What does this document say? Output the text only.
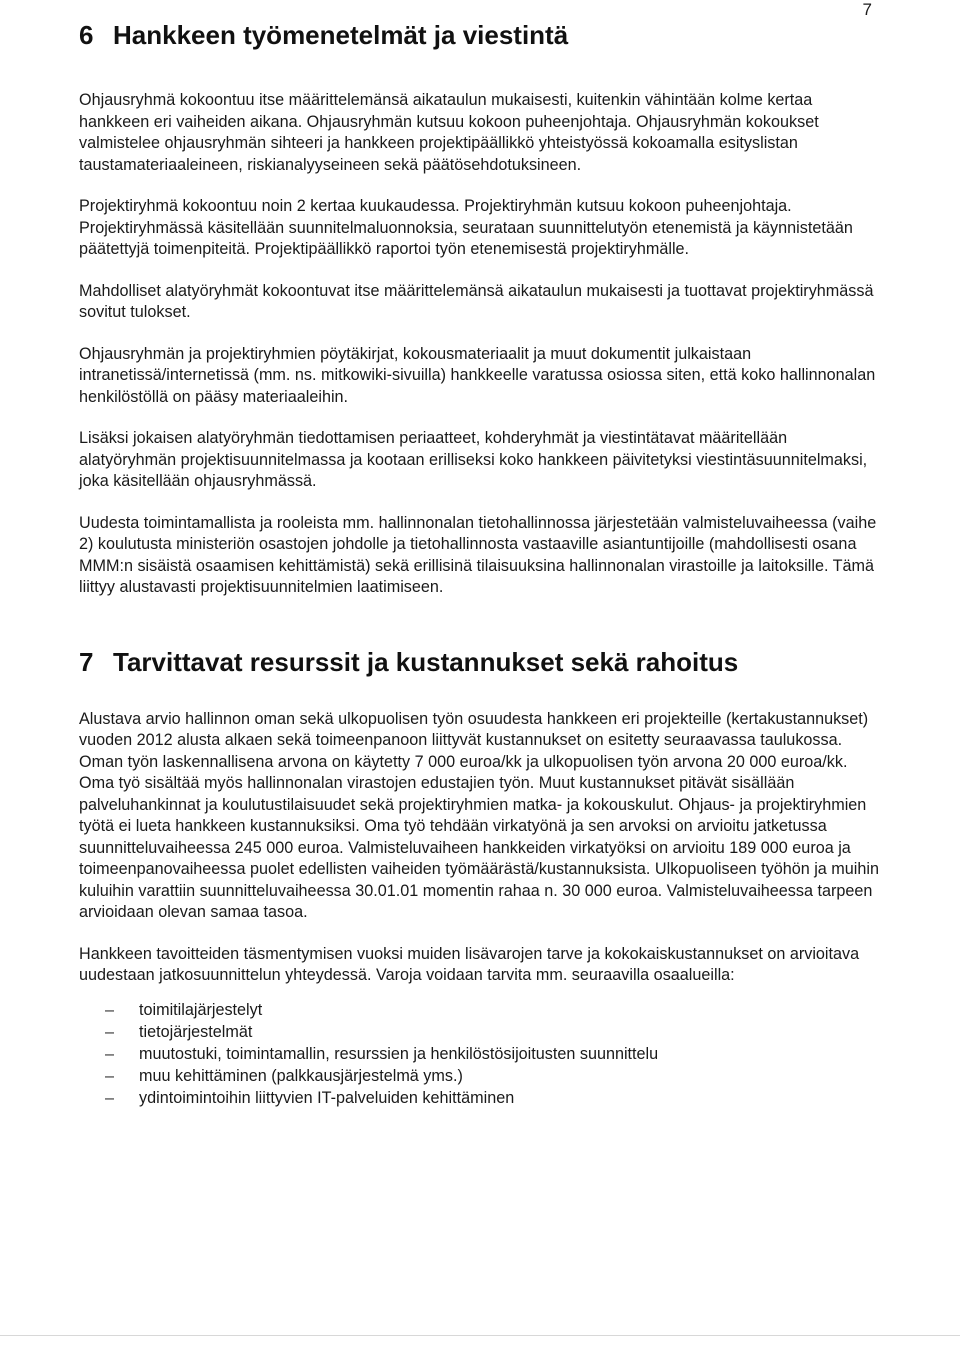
7
6 Hankkeen työmenetelmät ja viestintä

Ohjausryhmä kokoontuu itse määrittelemänsä aikataulun mukaisesti, kuitenkin vähintään kolme kertaa hankkeen eri vaiheiden aikana. Ohjausryhmän kutsuu kokoon puheenjohtaja. Ohjausryhmän kokoukset valmistelee ohjausryhmän sihteeri ja hankkeen projektipäällikkö yhteistyössä kokoamalla esityslistan taustamateriaaleineen, riskianalyyseineen sekä päätösehdotuksineen.

Projektiryhmä kokoontuu noin 2 kertaa kuukaudessa. Projektiryhmän kutsuu kokoon puheenjohtaja. Projektiryhmässä käsitellään suunnitelmaluonnoksia, seurataan suunnittelutyön etenemistä ja käynnistetään päätettyjä toimenpiteitä. Projektipäällikkö raportoi työn etenemisestä projektiryhmälle.

Mahdolliset alatyöryhmät kokoontuvat itse määrittelemänsä aikataulun mukaisesti ja tuottavat projektiryhmässä sovitut tulokset.

Ohjausryhmän ja projektiryhmien pöytäkirjat, kokousmateriaalit ja muut dokumentit julkaistaan intranetissä/internetissä (mm. ns. mitkowiki-sivuilla) hankkeelle varatussa osiossa siten, että koko hallinnonalan henkilöstöllä on pääsy materiaaleihin.

Lisäksi jokaisen alatyöryhmän tiedottamisen periaatteet, kohderyhmät ja viestintätavat määritellään alatyöryhmän projektisuunnitelmassa ja kootaan erilliseksi koko hankkeen päivitetyksi viestintäsuunnitelmaksi, joka käsitellään ohjausryhmässä.

Uudesta toimintamallista ja rooleista mm. hallinnonalan tietohallinnossa järjestetään valmisteluvaiheessa (vaihe 2) koulutusta ministeriön osastojen johdolle ja tietohallinnosta vastaaville asiantuntijoille (mahdollisesti osana MMM:n sisäistä osaamisen kehittämistä) sekä erillisinä tilaisuuksina hallinnonalan virastoille ja laitoksille. Tämä liittyy alustavasti projektisuunnitelmien laatimiseen.

7 Tarvittavat resurssit ja kustannukset sekä rahoitus

Alustava arvio hallinnon oman sekä ulkopuolisen työn osuudesta hankkeen eri projekteille (kertakustannukset) vuoden 2012 alusta alkaen sekä toimeenpanoon liittyvät kustannukset on esitetty seuraavassa taulukossa. Oman työn laskennallisena arvona on käytetty 7 000 euroa/kk ja ulkopuolisen työn arvona 20 000 euroa/kk. Oma työ sisältää myös hallinnonalan virastojen edustajien työn. Muut kustannukset pitävät sisällään palveluhankinnat ja koulutustilaisuudet sekä projektiryhmien matka- ja kokouskulut. Ohjaus- ja projektiryhmien työtä ei lueta hankkeen kustannuksiksi. Oma työ tehdään virkatyönä ja sen arvoksi on arvioitu jatketussa suunnitteluvaiheessa 245 000 euroa. Valmisteluvaiheen hankkeiden virkatyöksi on arvioitu 189 000 euroa ja toimeenpanovaiheessa puolet edellisten vaiheiden työmäärästä/kustannuksista. Ulkopuoliseen työhön ja muihin kuluihin varattiin suunnitteluvaiheessa 30.01.01 momentin rahaa n. 30 000 euroa. Valmisteluvaiheessa tarpeen arvioidaan olevan samaa tasoa.

Hankkeen tavoitteiden täsmentymisen vuoksi muiden lisävarojen tarve ja kokokaiskustannukset on arvioitava uudestaan jatkosuunnittelun yhteydessä. Varoja voidaan tarvita mm. seuraavilla osaalueilla:

–	toimitilajärjestelyt
–	tietojärjestelmät
–	muutostuki, toimintamallin, resurssien ja henkilöstösijoitusten suunnittelu
–	muu kehittäminen (palkkausjärjestelmä yms.)
–	ydintoimintoihin liittyvien IT-palveluiden kehittäminen
